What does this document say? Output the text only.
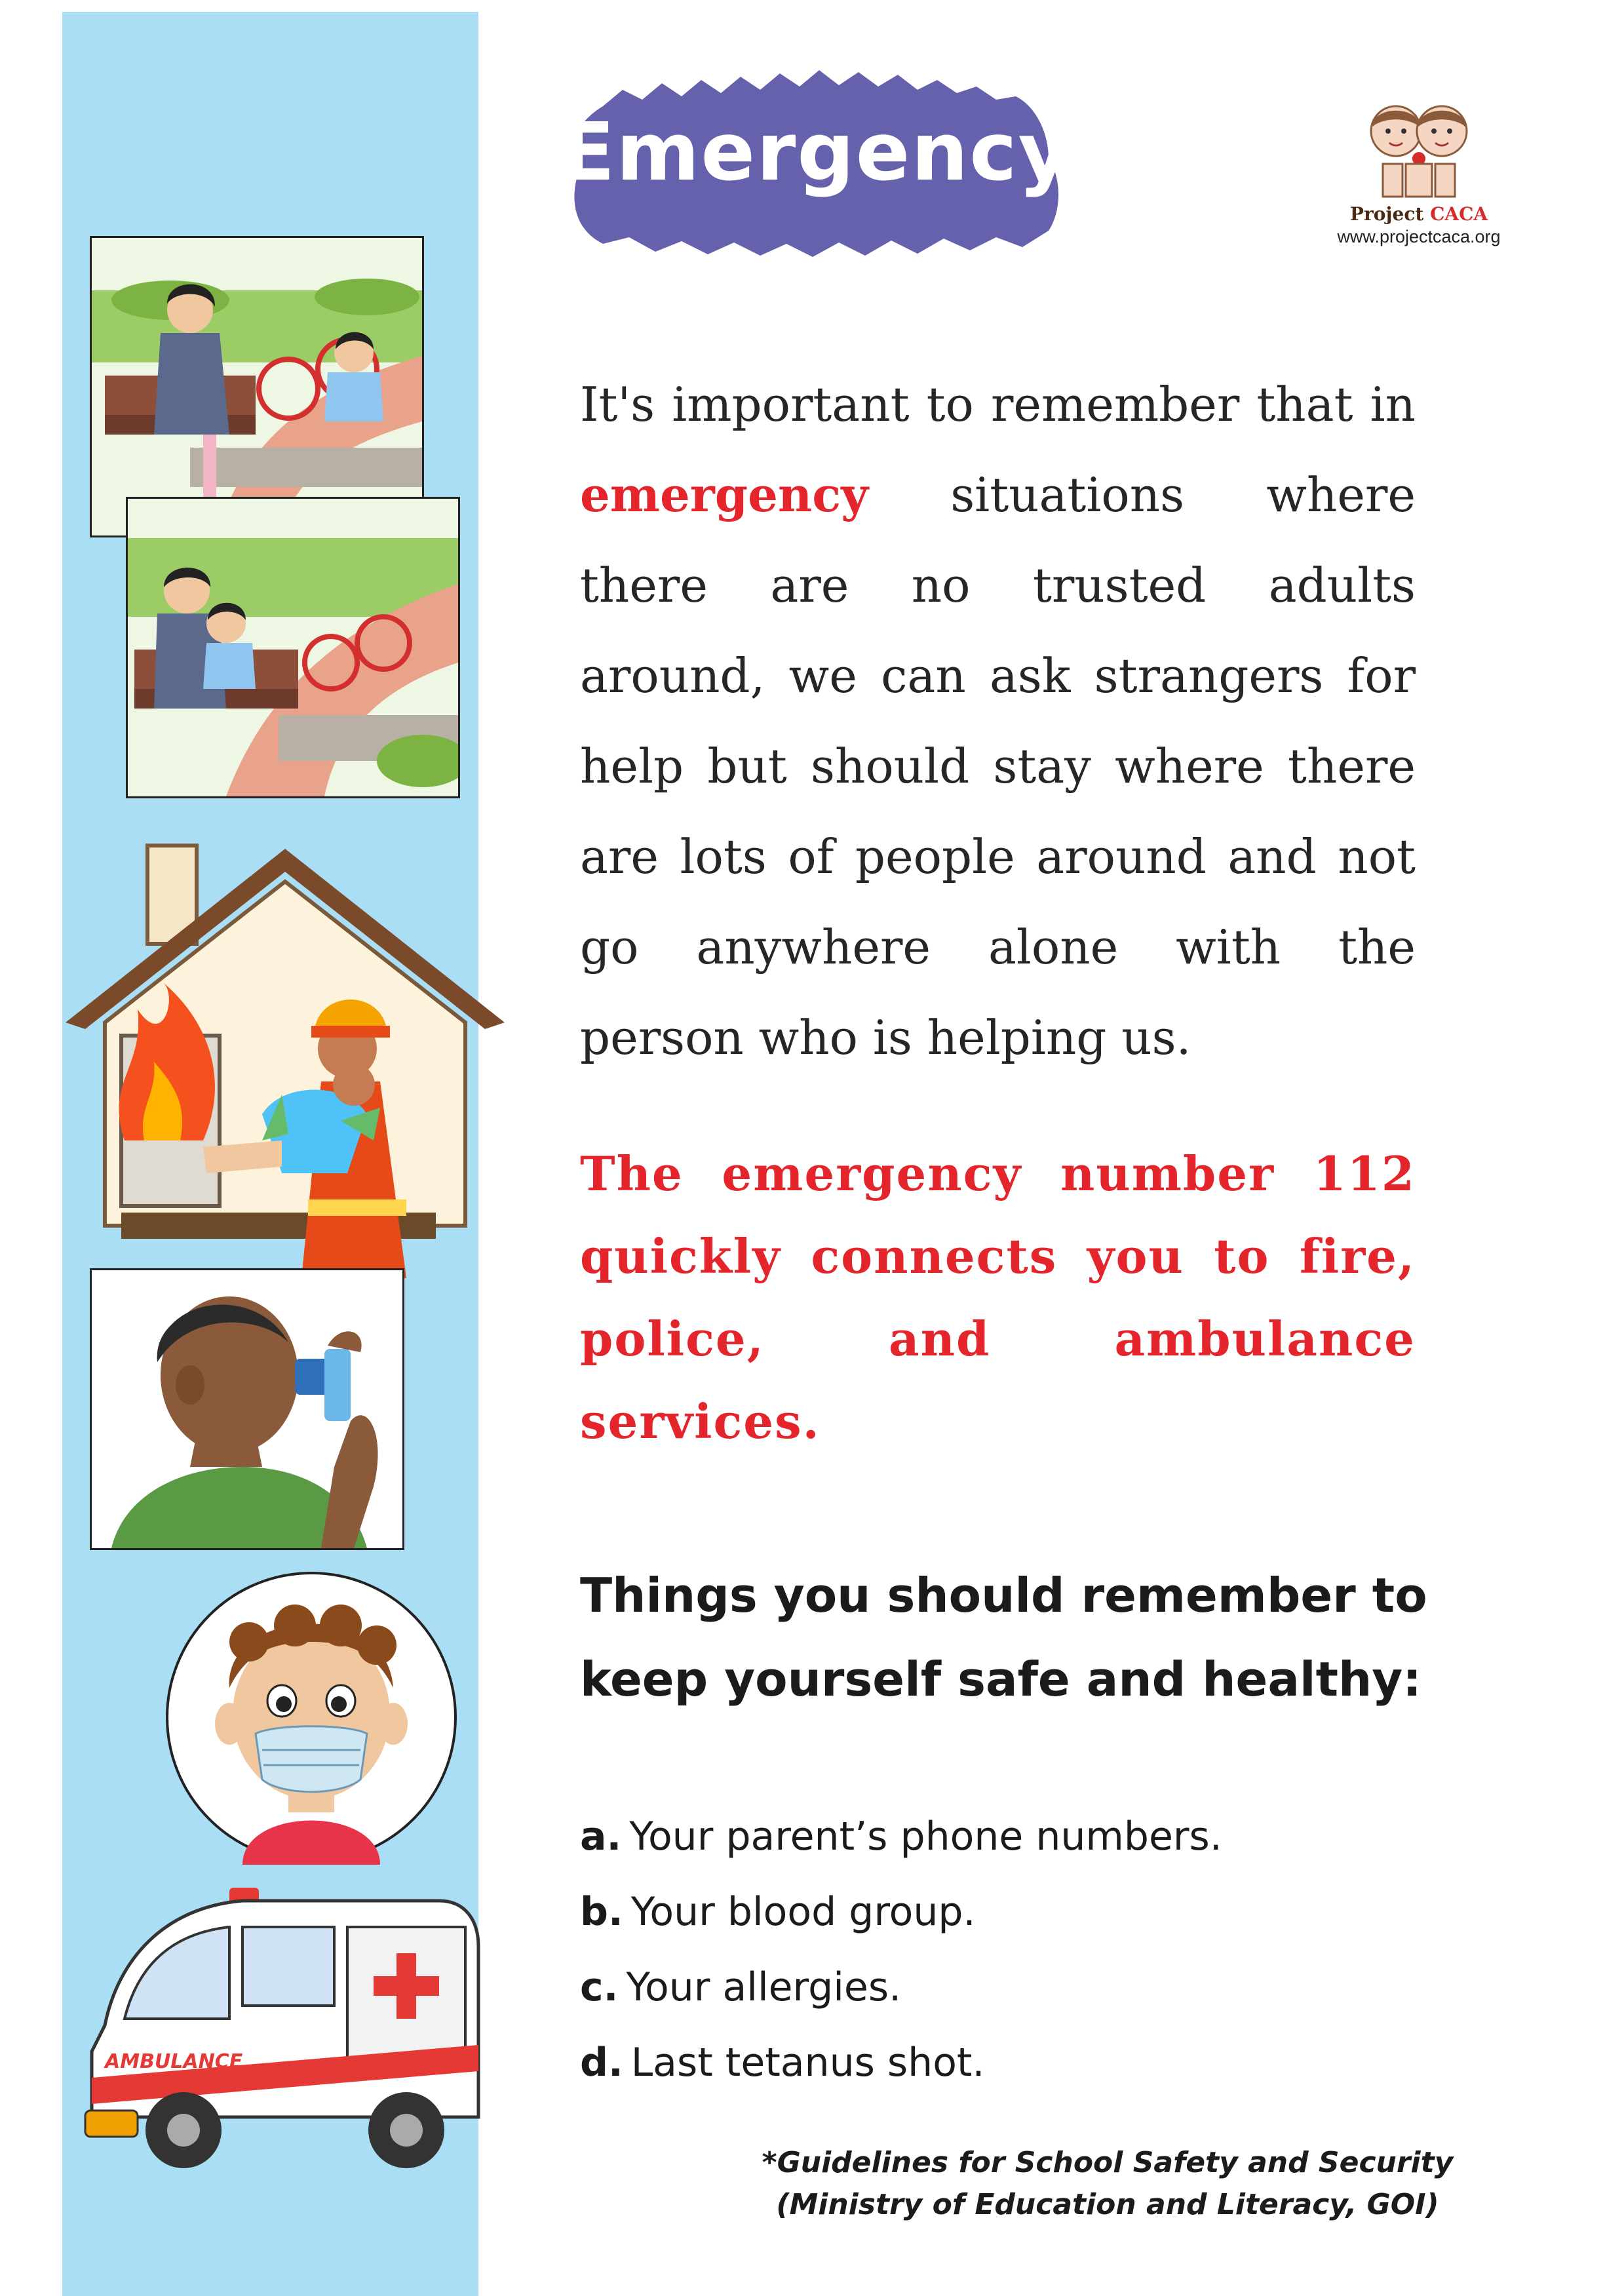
AMBULANCE
Emergency
Project CACA
www.projectcaca.org
It's important to remember that in emergency situations where there are no trusted adults around, we can ask strangers for help but should stay where there are lots of people around and not go anywhere alone with the person who is helping us.
The emergency number 112 quickly connects you to fire, police, and ambulance services.
Things you should remember to keep yourself safe and healthy:
a. Your parent’s phone numbers.
b. Your blood group.
c. Your allergies.
d. Last tetanus shot.
*Guidelines for School Safety and Security
(Ministry of Education and Literacy, GOI)
